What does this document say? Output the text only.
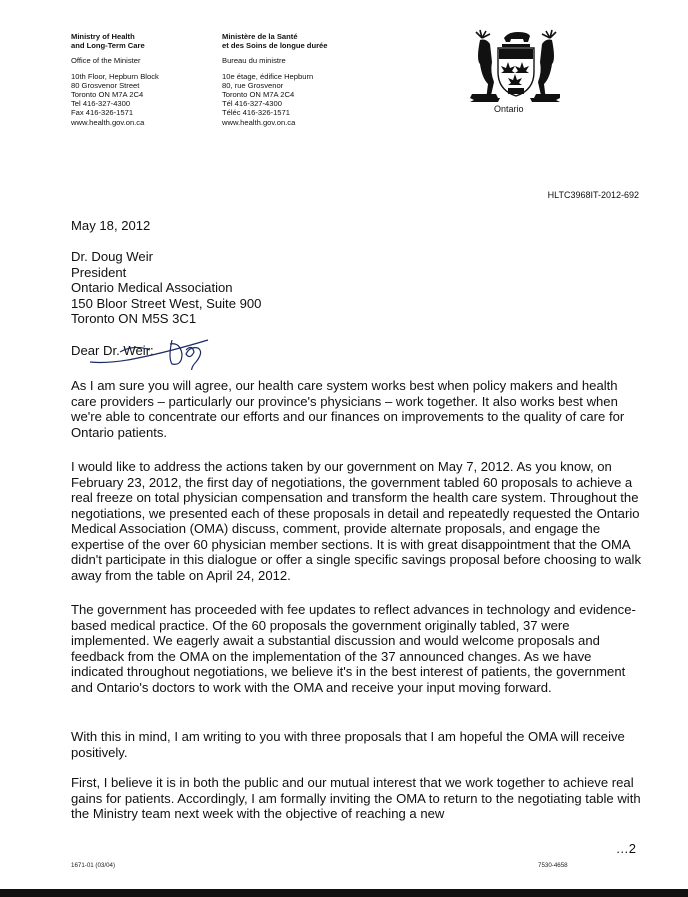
Ministry of Health
and Long-Term Care
Office of the Minister
10th Floor, Hepburn Block
80 Grosvenor Street
Toronto ON M7A 2C4
Tel 416-327-4300
Fax 416-326-1571
www.health.gov.on.ca
Ministère de la Santé
et des Soins de longue durée
Bureau du ministre
10e étage, édifice Hepburn
80, rue Grosvenor
Toronto ON M7A 2C4
Tél 416-327-4300
Téléc 416-326-1571
www.health.gov.on.ca
Ontario
HLTC3968IT-2012-692
May 18, 2012
Dr. Doug Weir
President
Ontario Medical Association
150 Bloor Street West, Suite 900
Toronto ON M5S 3C1
Dear Dr. Weir:
As I am sure you will agree, our health care system works best when policy makers and health care providers – particularly our province's physicians – work together. It also works best when we're able to concentrate our efforts and our finances on improvements to the quality of care for Ontario patients.
I would like to address the actions taken by our government on May 7, 2012. As you know, on February 23, 2012, the first day of negotiations, the government tabled 60 proposals to achieve a real freeze on total physician compensation and transform the health care system. Throughout the negotiations, we presented each of these proposals in detail and repeatedly requested the Ontario Medical Association (OMA) discuss, comment, provide alternate proposals, and engage the expertise of the over 60 physician member sections. It is with great disappointment that the OMA didn't participate in this dialogue or offer a single specific savings proposal before choosing to walk away from the table on April 24, 2012.
The government has proceeded with fee updates to reflect advances in technology and evidence-based medical practice. Of the 60 proposals the government originally tabled, 37 were implemented. We eagerly await a substantial discussion and would welcome proposals and feedback from the OMA on the implementation of the 37 announced changes. As we have indicated throughout negotiations, we believe it's in the best interest of patients, the government and Ontario's doctors to work with the OMA and receive your input moving forward.
With this in mind, I am writing to you with three proposals that I am hopeful the OMA will receive positively.
First, I believe it is in both the public and our mutual interest that we work together to achieve real gains for patients. Accordingly, I am formally inviting the OMA to return to the negotiating table with the Ministry team next week with the objective of reaching a new
…2
1671-01 (03/04)	7530-4658
